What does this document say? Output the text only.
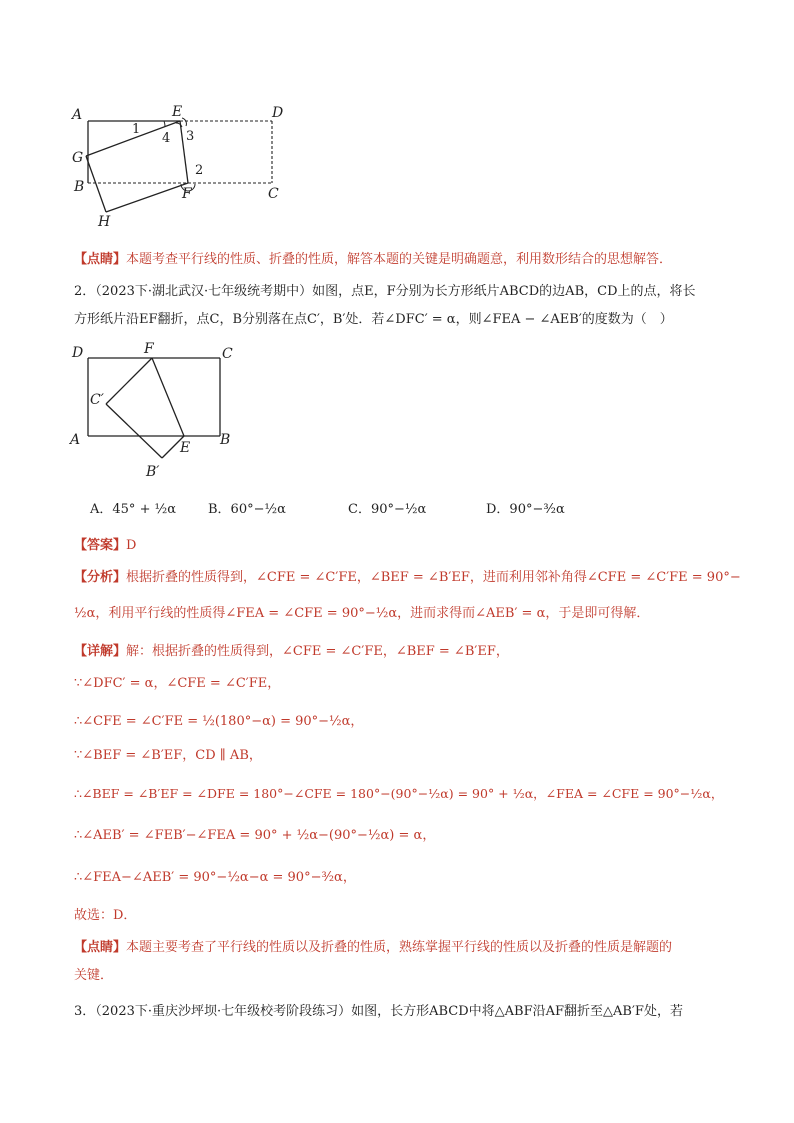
A	E	D
G
B	F	C
H
1
4 3
2
【点睛】本题考查平行线的性质、折叠的性质，解答本题的关键是明确题意，利用数形结合的思想解答．
2．（2023下·湖北武汉·七年级统考期中）如图，点E，F分别为长方形纸片ABCD的边AB，CD上的点，将长
方形纸片沿EF翻折，点C，B分别落在点C′，B′处．若∠DFC′ = α，则∠FEA − ∠AEB′的度数为（　）
D	F	C
C′
A	E B
B′
A．45° + ½α B．60°−½α	C．90°−½α	D．90°−³⁄₂α
【答案】D
【分析】根据折叠的性质得到，∠CFE = ∠C′FE，∠BEF = ∠B′EF，进而利用邻补角得∠CFE = ∠C′FE = 90°−
½α，利用平行线的性质得∠FEA = ∠CFE = 90°−½α，进而求得而∠AEB′ = α，于是即可得解．
【详解】解：根据折叠的性质得到，∠CFE = ∠C′FE，∠BEF = ∠B′EF，
∵∠DFC′ = α，∠CFE = ∠C′FE，
∴∠CFE = ∠C′FE = ½(180°−α) = 90°−½α，
∵∠BEF = ∠B′EF，CD ∥ AB，
∴∠BEF = ∠B′EF = ∠DFE = 180°−∠CFE = 180°−(90°−½α) = 90° + ½α，∠FEA = ∠CFE = 90°−½α，
∴∠AEB′ = ∠FEB′−∠FEA = 90° + ½α−(90°−½α) = α，
∴∠FEA−∠AEB′ = 90°−½α−α = 90°−³⁄₂α，
故选：D．
【点睛】本题主要考查了平行线的性质以及折叠的性质，熟练掌握平行线的性质以及折叠的性质是解题的
关键．
3．（2023下·重庆沙坪坝·七年级校考阶段练习）如图，长方形ABCD中将△ABF沿AF翻折至△AB′F处，若
